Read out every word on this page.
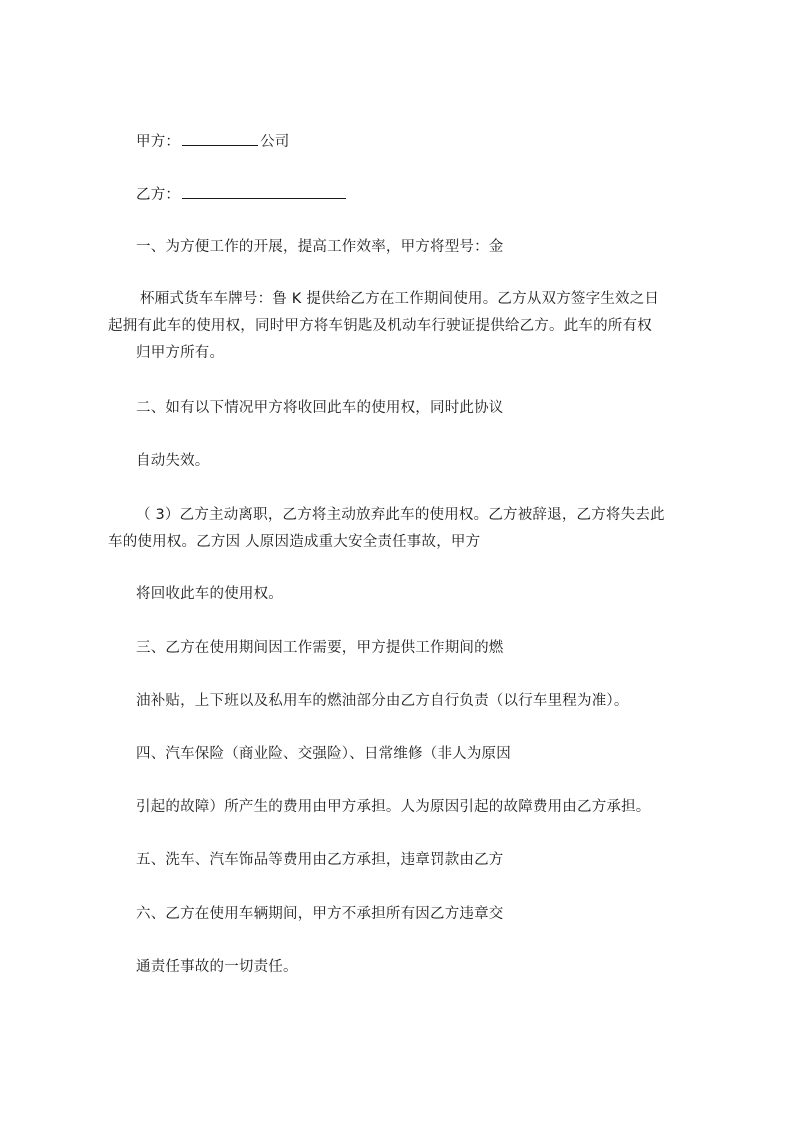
甲方：	公司
乙方：
一、为方便工作的开展，提高工作效率，甲方将型号：金
杯厢式货车车牌号：鲁 K 提供给乙方在工作期间使用。乙方从双方签字生效之日
起拥有此车的使用权，同时甲方将车钥匙及机动车行驶证提供给乙方。此车的所有权
归甲方所有。
二、如有以下情况甲方将收回此车的使用权，同时此协议
自动失效。
（ 3）乙方主动离职，乙方将主动放弃此车的使用权。乙方被辞退，乙方将失去此
车的使用权。乙方因 人原因造成重大安全责任事故，甲方
将回收此车的使用权。
三、乙方在使用期间因工作需要，甲方提供工作期间的燃
油补贴，上下班以及私用车的燃油部分由乙方自行负责（以行车里程为准）。
四、汽车保险（商业险、交强险）、日常维修（非人为原因
引起的故障）所产生的费用由甲方承担。人为原因引起的故障费用由乙方承担。
五、洗车、汽车饰品等费用由乙方承担，违章罚款由乙方
六、乙方在使用车辆期间，甲方不承担所有因乙方违章交
通责任事故的一切责任。
